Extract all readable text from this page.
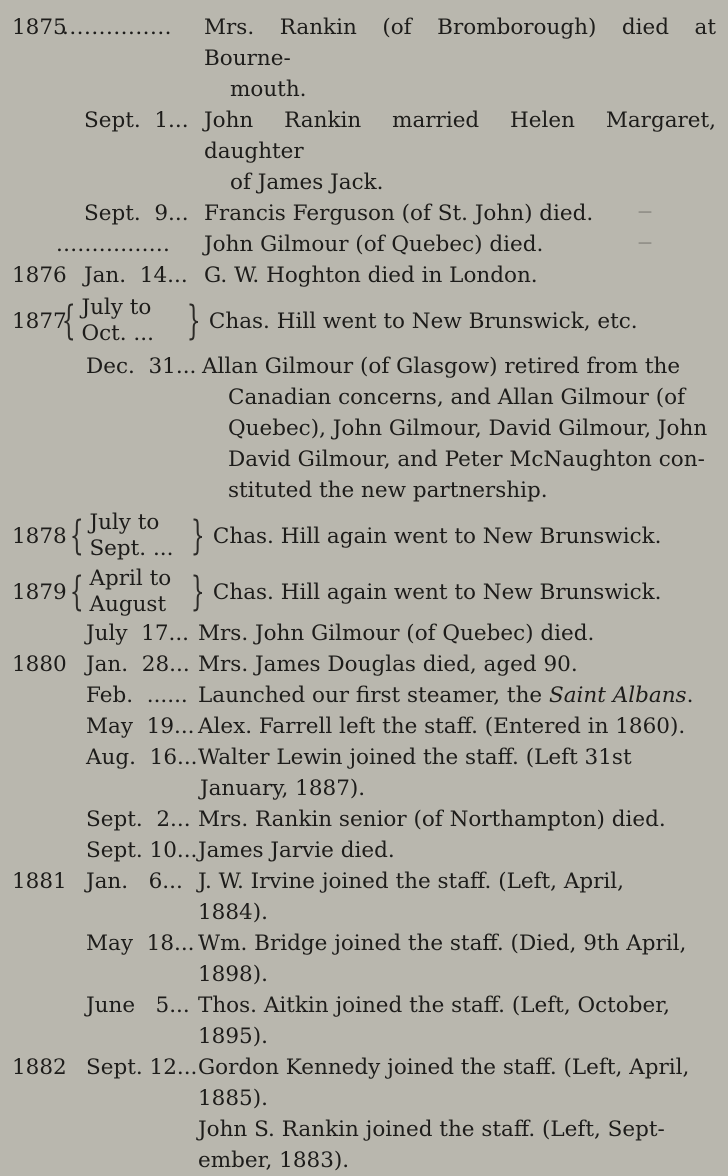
1875
...............	Mrs. Rankin (of Bromborough) died at Bourne-
mouth.
Sept.  1... John Rankin married Helen Margaret, daughter
of James Jack.
Sept.  9... Francis Ferguson (of St. John) died.	—
................	John Gilmour (of Quebec) died.	—
1876 Jan.  14... G. W. Hoghton died in London.
1877
{ July to
Oct. ... } Chas. Hill went to New Brunswick, etc.
Dec.  31... Allan Gilmour (of Glasgow) retired from the
Canadian concerns, and Allan Gilmour (of
Quebec), John Gilmour, David Gilmour, John
David Gilmour, and Peter McNaughton con-
stituted the new partnership.
1878 { July to
Sept. ... } Chas. Hill again went to New Brunswick.
1879 { April to
August } Chas. Hill again went to New Brunswick.
July  17... Mrs. John Gilmour (of Quebec) died.
1880 Jan.  28... Mrs. James Douglas died, aged 90.
Feb.  ...... Launched our first steamer, the Saint Albans.
May  19... Alex. Farrell left the staff. (Entered in 1860).
Aug.  16... Walter Lewin joined the staff. (Left 31st
January, 1887).
Sept.  2... Mrs. Rankin senior (of Northampton) died.
Sept. 10... James Jarvie died.
1881 Jan.   6... J. W. Irvine joined the staff. (Left, April,
1884).
May  18... Wm. Bridge joined the staff. (Died, 9th April,
1898).
June   5... Thos. Aitkin joined the staff. (Left, October,
1895).
1882 Sept. 12... Gordon Kennedy joined the staff. (Left, April,
1885).
John S. Rankin joined the staff. (Left, Sept-
ember, 1883).
